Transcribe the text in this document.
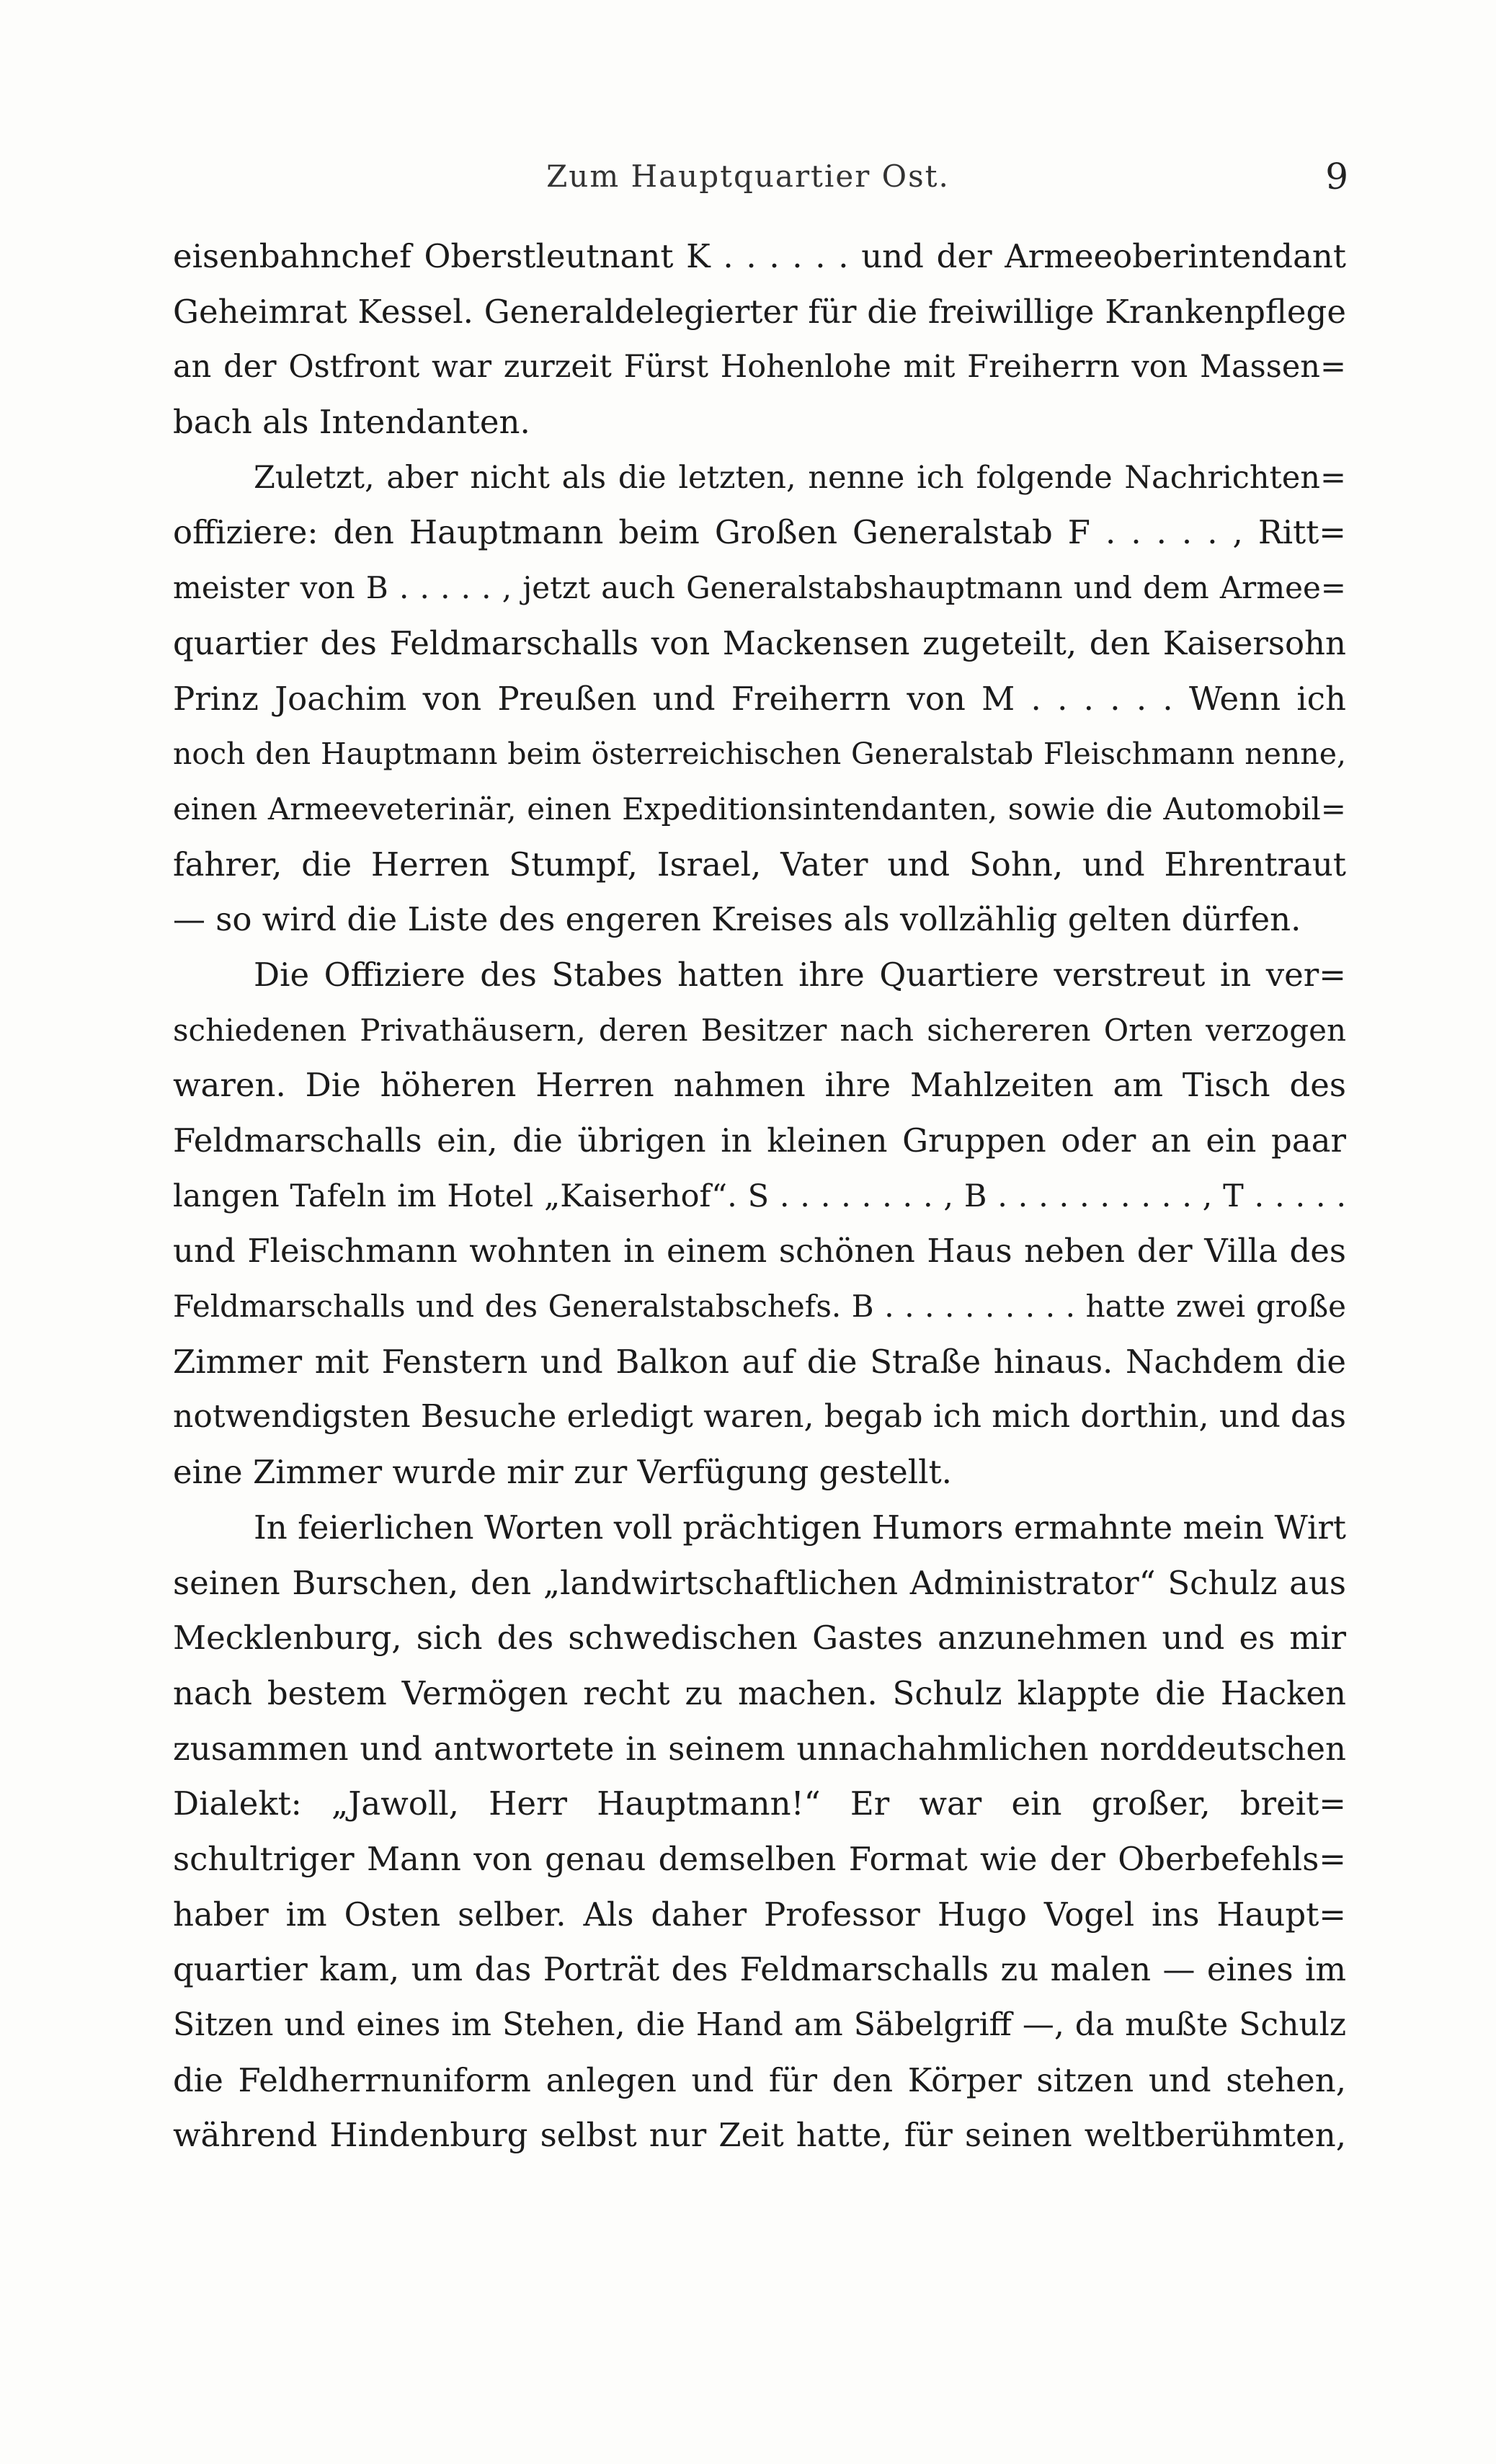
Zum Hauptquartier Ost.	9
eisenbahnchef Oberstleutnant K . . . . . . und der Armeeoberintendant
Geheimrat Kessel. Generaldelegierter für die freiwillige Krankenpflege
an der Ostfront war zurzeit Fürst Hohenlohe mit Freiherrn von Massen=
bach als Intendanten.
Zuletzt, aber nicht als die letzten, nenne ich folgende Nachrichten=
offiziere: den Hauptmann beim Großen Generalstab F . . . . . , Ritt=
meister von B . . . . . , jetzt auch Generalstabshauptmann und dem Armee=
quartier des Feldmarschalls von Mackensen zugeteilt, den Kaisersohn
Prinz Joachim von Preußen und Freiherrn von M . . . . . . Wenn ich
noch den Hauptmann beim österreichischen Generalstab Fleischmann nenne,
einen Armeeveterinär, einen Expeditionsintendanten, sowie die Automobil=
fahrer, die Herren Stumpf, Israel, Vater und Sohn, und Ehrentraut
— so wird die Liste des engeren Kreises als vollzählig gelten dürfen.
Die Offiziere des Stabes hatten ihre Quartiere verstreut in ver=
schiedenen Privathäusern, deren Besitzer nach sichereren Orten verzogen
waren. Die höheren Herren nahmen ihre Mahlzeiten am Tisch des
Feldmarschalls ein, die übrigen in kleinen Gruppen oder an ein paar
langen Tafeln im Hotel „Kaiserhof“. S . . . . . . . . , B . . . . . . . . . . , T . . . . .
und Fleischmann wohnten in einem schönen Haus neben der Villa des
Feldmarschalls und des Generalstabschefs. B . . . . . . . . . . hatte zwei große
Zimmer mit Fenstern und Balkon auf die Straße hinaus. Nachdem die
notwendigsten Besuche erledigt waren, begab ich mich dorthin, und das
eine Zimmer wurde mir zur Verfügung gestellt.
In feierlichen Worten voll prächtigen Humors ermahnte mein Wirt
seinen Burschen, den „landwirtschaftlichen Administrator“ Schulz aus
Mecklenburg, sich des schwedischen Gastes anzunehmen und es mir
nach bestem Vermögen recht zu machen. Schulz klappte die Hacken
zusammen und antwortete in seinem unnachahmlichen norddeutschen
Dialekt: „Jawoll, Herr Hauptmann!“ Er war ein großer, breit=
schultriger Mann von genau demselben Format wie der Oberbefehls=
haber im Osten selber. Als daher Professor Hugo Vogel ins Haupt=
quartier kam, um das Porträt des Feldmarschalls zu malen — eines im
Sitzen und eines im Stehen, die Hand am Säbelgriff —, da mußte Schulz
die Feldherrnuniform anlegen und für den Körper sitzen und stehen,
während Hindenburg selbst nur Zeit hatte, für seinen weltberühmten,
